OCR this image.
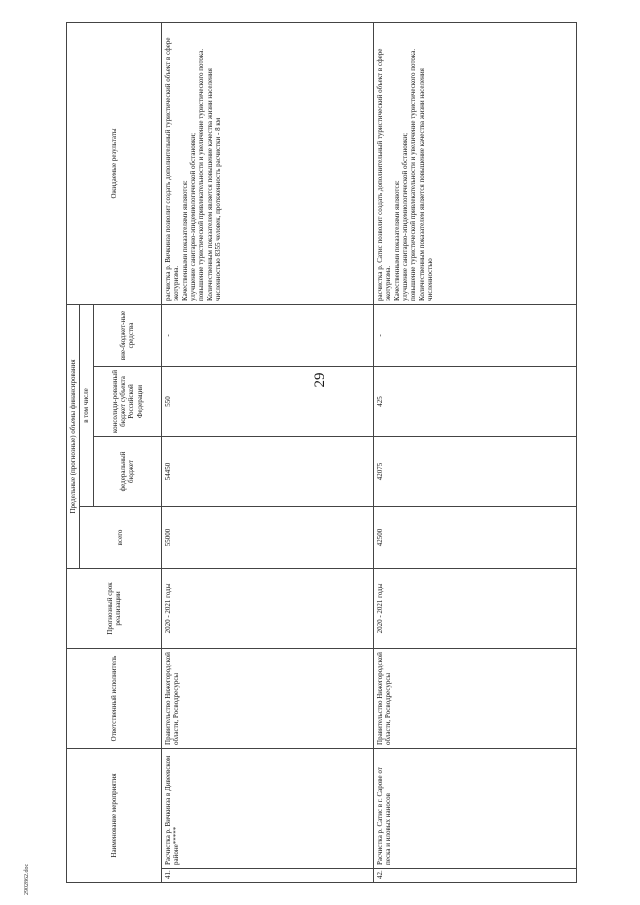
29
Наименование мероприятия		Ответственный исполнитель	Прогнозный срок реализации	Предельные (прогнозные) объемы финансирования				Ожидаемые результаты
				всего	в том числе			
					федеральный бюджет	консолиди-рованный бюджет субъекта Российской Федерации	вне-бюджет-ные средства	
41.	Расчистка р. Вичкинза в Дивеевском районе*****	Правительство Нижегородской области, Росводресурсы	2020 - 2021 годы	55000	54450	550	-	расчистка р. Вичкинза позволит создать дополнительный туристический объект в сфере экотуризма.
Качественными показателями являются:
улучшение санитарно-эпидемиологической обстановки;
повышение туристической привлекательности и увеличение туристического потока.
Количественным показателем является повышение качества жизни населения численностью 8355 человек, протяженность расчистки - 8 км
42.	Расчистка р. Сатис в г. Сарове от песка и иловых наносов	Правительство Нижегородской области, Росводресурсы	2020 - 2021 годы	42500	42075	425	-	расчистка р. Сатис позволит создать дополнительный туристический объект в сфере экотуризма.
Качественными показателями являются:
улучшение санитарно-эпидемиологической обстановки;
повышение туристической привлекательности и увеличение туристического потока.
Количественным показателем является повышение качества жизни населения численностью
2902862.doc
